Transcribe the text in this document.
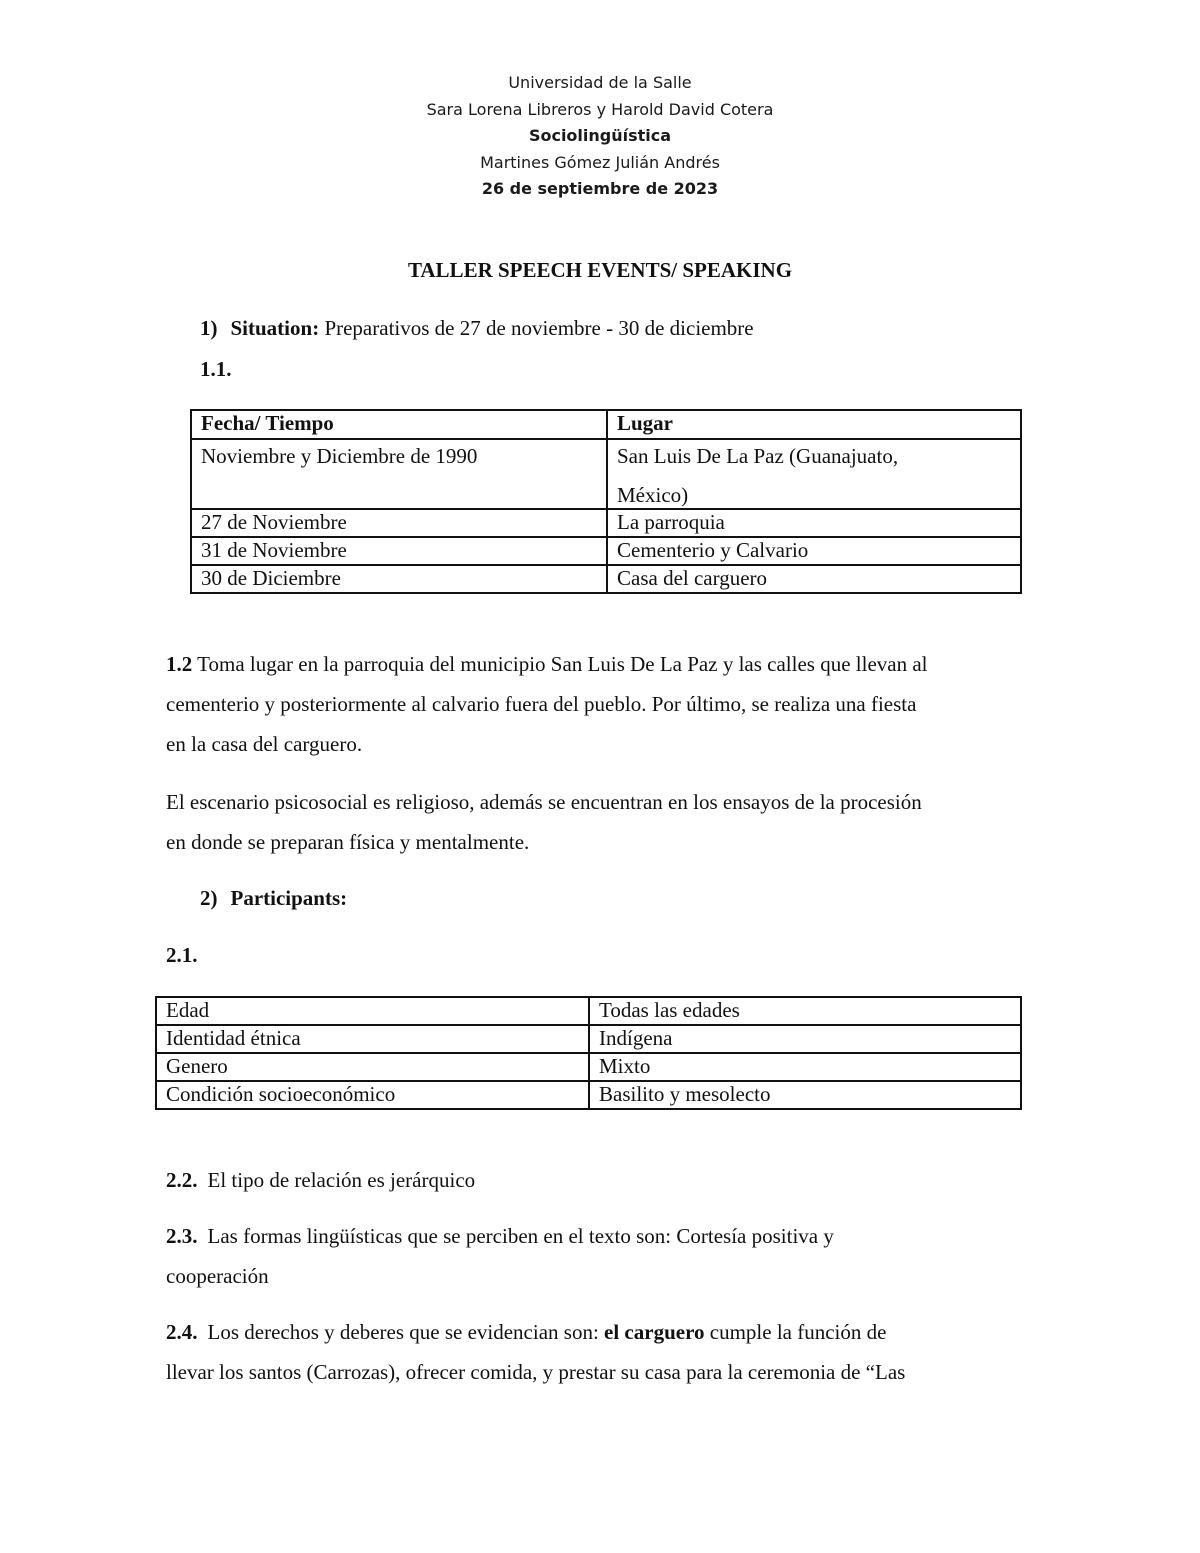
Universidad de la Salle
Sara Lorena Libreros y Harold David Cotera
Sociolingüística
Martines Gómez Julián Andrés
26 de septiembre de 2023
TALLER SPEECH EVENTS/ SPEAKING
1) Situation: Preparativos de 27 de noviembre - 30 de diciembre
1.1.
Fecha/ Tiempo	Lugar
Noviembre y Diciembre de 1990	San Luis De La Paz (Guanajuato,
México)

27 de Noviembre	La parroquia
31 de Noviembre	Cementerio y Calvario
30 de Diciembre	Casa del carguero
1.2 Toma lugar en la parroquia del municipio San Luis De La Paz y las calles que llevan al
cementerio y posteriormente al calvario fuera del pueblo. Por último, se realiza una fiesta
en la casa del carguero.
El escenario psicosocial es religioso, además se encuentran en los ensayos de la procesión
en donde se preparan física y mentalmente.
2) Participants:
2.1.
Edad	Todas las edades
Identidad étnica	Indígena
Genero	Mixto
Condición socioeconómico	Basilito y mesolecto
2.2. El tipo de relación es jerárquico
2.3. Las formas lingüísticas que se perciben en el texto son: Cortesía positiva y
cooperación
2.4. Los derechos y deberes que se evidencian son: el carguero cumple la función de
llevar los santos (Carrozas), ofrecer comida, y prestar su casa para la ceremonia de “Las
